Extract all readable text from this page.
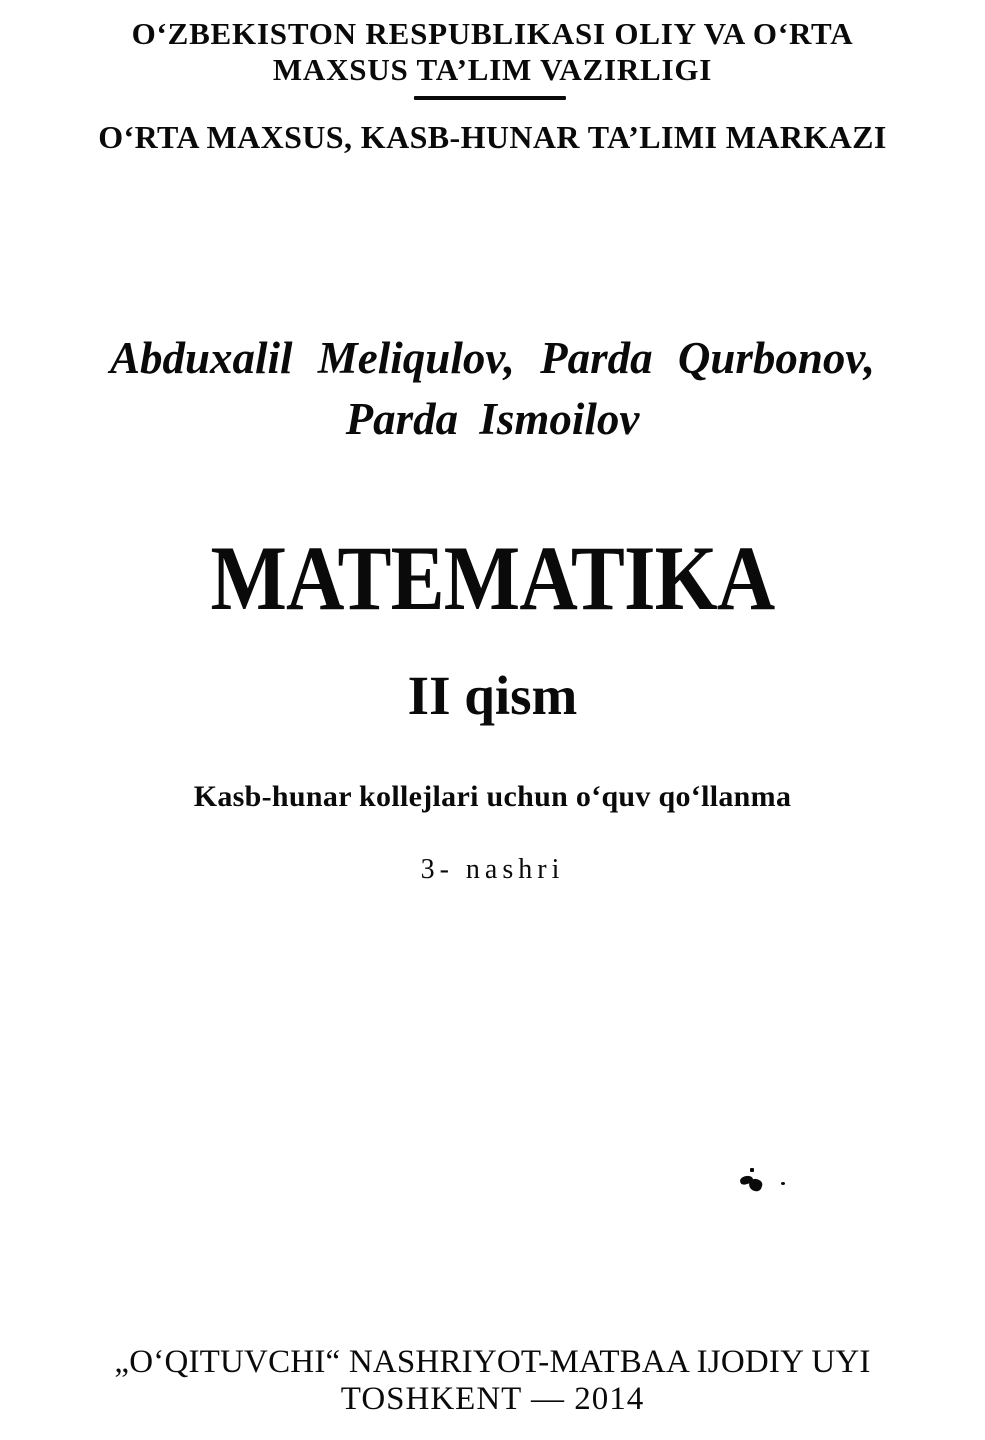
O‘ZBEKISTON RESPUBLIKASI OLIY VA O‘RTA
MAXSUS TA’LIM VAZIRLIGI
O‘RTA MAXSUS, KASB-HUNAR TA’LIMI MARKAZI
Abduxalil Meliqulov, Parda Qurbonov,
Parda Ismoilov
MATEMATIKA
II qism
Kasb-hunar kollejlari uchun o‘quv qo‘llanma
3- nashri
„O‘QITUVCHI“ NASHRIYOT-MATBAA IJODIY UYI
TOSHKENT — 2014
